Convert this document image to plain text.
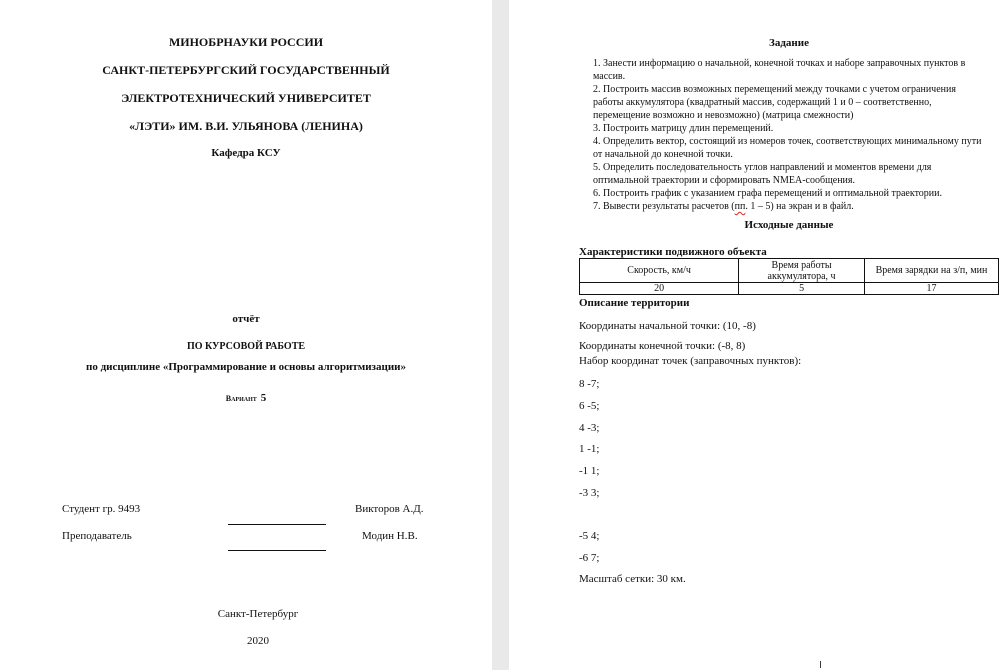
МИНОБРНАУКИ РОССИИ
САНКТ-ПЕТЕРБУРГСКИЙ ГОСУДАРСТВЕННЫЙ
ЭЛЕКТРОТЕХНИЧЕСКИЙ УНИВЕРСИТЕТ
«ЛЭТИ» ИМ. В.И. УЛЬЯНОВА (ЛЕНИНА)
Кафедра КСУ
отчёт
ПО КУРСОВОЙ РАБОТЕ
по дисциплине «Программирование и основы алгоритмизации»
Вариант 5
Студент гр. 9493	Викторов А.Д.
Преподаватель	Модин Н.В.
Санкт-Петербург
2020
Задание

1. Занести информацию о начальной, конечной точках и наборе заправочных пунктов в массив.

2. Построить массив возможных перемещений между точками с учетом ограничения работы аккумулятора (квадратный массив, содержащий 1 и 0 – соответственно, перемещение возможно и невозможно) (матрица смежности)

3. Построить матрицу длин перемещений.

4. Определить вектор, состоящий из номеров точек, соответствующих минимальному пути от начальной до конечной точки.

5. Определить последовательность углов направлений и моментов времени для оптимальной траектории и сформировать NMEA-сообщения.

6. Построить график с указанием графа перемещений и оптимальной траектории.

7. Вывести результаты расчетов (пп. 1 – 5) на экран и в файл.

Исходные данные
Характеристики подвижного объекта
Скорость, км/ч	Время работы аккумулятора, ч	Время зарядки на з/п, мин
20	5	17
Описание территории
Координаты начальной точки: (10, -8)
Координаты конечной точки: (-8, 8)
Набор координат точек (заправочных пунктов):
8 -7;
6 -5;
4 -3;
1 -1;
-1 1;
-3 3;
-5 4;
-6 7;
Масштаб сетки: 30 км.
I
